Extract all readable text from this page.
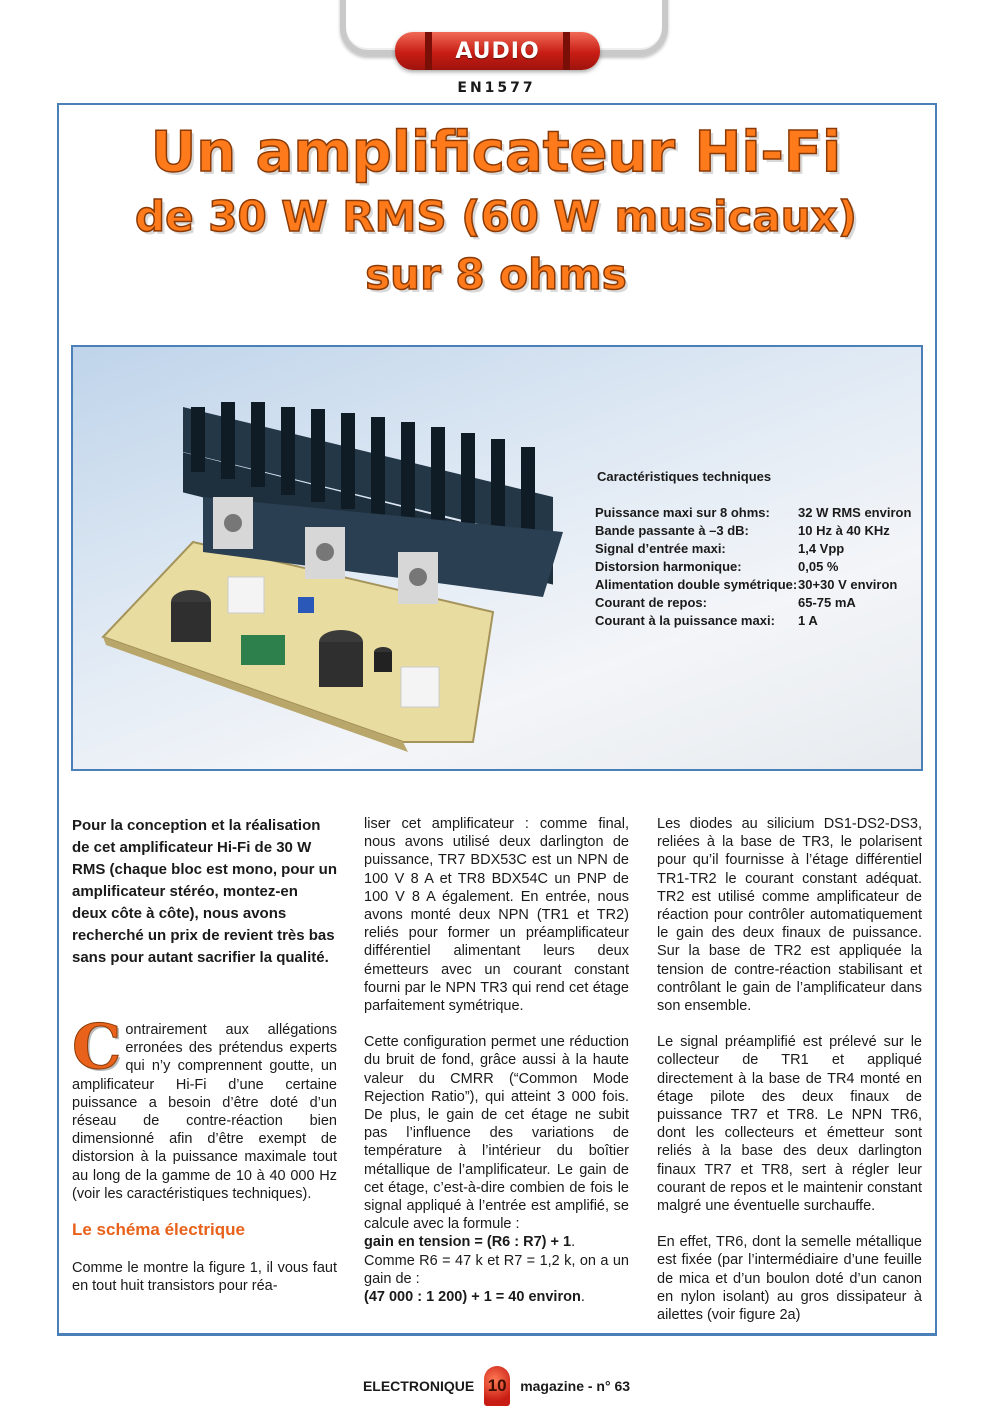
AUDIO
EN1577
Un amplificateur Hi-Fi
de 30 W RMS (60 W musicaux)
sur 8 ohms
Caractéristiques techniques
Puissance maxi sur 8 ohms:	32 W RMS environ
Bande passante à –3 dB:	10 Hz à 40 KHz
Signal d’entrée maxi:	1,4 Vpp
Distorsion harmonique:	0,05 %
Alimentation double symétrique: 30+30 V environ
Courant de repos:	65-75 mA
Courant à la puissance maxi:	1 A

Pour la conception et la réalisation de cet amplificateur Hi-Fi de 30 W RMS (chaque bloc est mono, pour un amplificateur stéréo, montez-en deux côte à côte), nous avons recherché un prix de revient très bas sans pour autant sacrifier la qualité.

Contrairement aux allégations erronées des prétendus experts qui n’y comprennent goutte, un amplificateur Hi-Fi d’une certaine puissance a besoin d’être doté d’un réseau de contre-réaction bien dimensionné afin d’être exempt de distorsion à la puissance maximale tout au long de la gamme de 10 à 40 000 Hz (voir les caractéristiques techniques).

Le schéma électrique

Comme le montre la figure 1, il vous faut en tout huit transistors pour réa-

liser cet amplificateur : comme final, nous avons utilisé deux darlington de puissance, TR7 BDX53C est un NPN de 100 V 8 A et TR8 BDX54C un PNP de 100 V 8 A également. En entrée, nous avons monté deux NPN (TR1 et TR2) reliés pour former un préamplificateur différentiel alimentant leurs deux émetteurs avec un courant constant fourni par le NPN TR3 qui rend cet étage parfaitement symétrique.

Cette configuration permet une réduction du bruit de fond, grâce aussi à la haute valeur du CMRR (“Common Mode Rejection Ratio”), qui atteint 3 000 fois. De plus, le gain de cet étage ne subit pas l’influence des variations de température à l’intérieur du boîtier métallique de l’amplificateur. Le gain de cet étage, c’est-à-dire combien de fois le signal appliqué à l’entrée est amplifié, se calcule avec la formule :
gain en tension = (R6 : R7) + 1.
Comme R6 = 47 k et R7 = 1,2 k, on a un gain de :
(47 000 : 1 200) + 1 = 40 environ.

Les diodes au silicium DS1-DS2-DS3, reliées à la base de TR3, le polarisent pour qu’il fournisse à l’étage différentiel TR1-TR2 le courant constant adéquat. TR2 est utilisé comme amplificateur de réaction pour contrôler automatiquement le gain des deux finaux de puissance. Sur la base de TR2 est appliquée la tension de contre-réaction stabilisant et contrôlant le gain de l’amplificateur dans son ensemble.

Le signal préamplifié est prélevé sur le collecteur de TR1 et appliqué directement à la base de TR4 monté en étage pilote des deux finaux de puissance TR7 et TR8. Le NPN TR6, dont les collecteurs et émetteur sont reliés à la base des deux darlington finaux TR7 et TR8, sert à régler leur courant de repos et le maintenir constant malgré une éventuelle surchauffe.

En effet, TR6, dont la semelle métallique est fixée (par l’intermédiaire d’une feuille de mica et d’un boulon doté d’un canon en nylon isolant) au gros dissipateur à ailettes (voir figure 2a)

ELECTRONIQUE 10 magazine - n° 63
